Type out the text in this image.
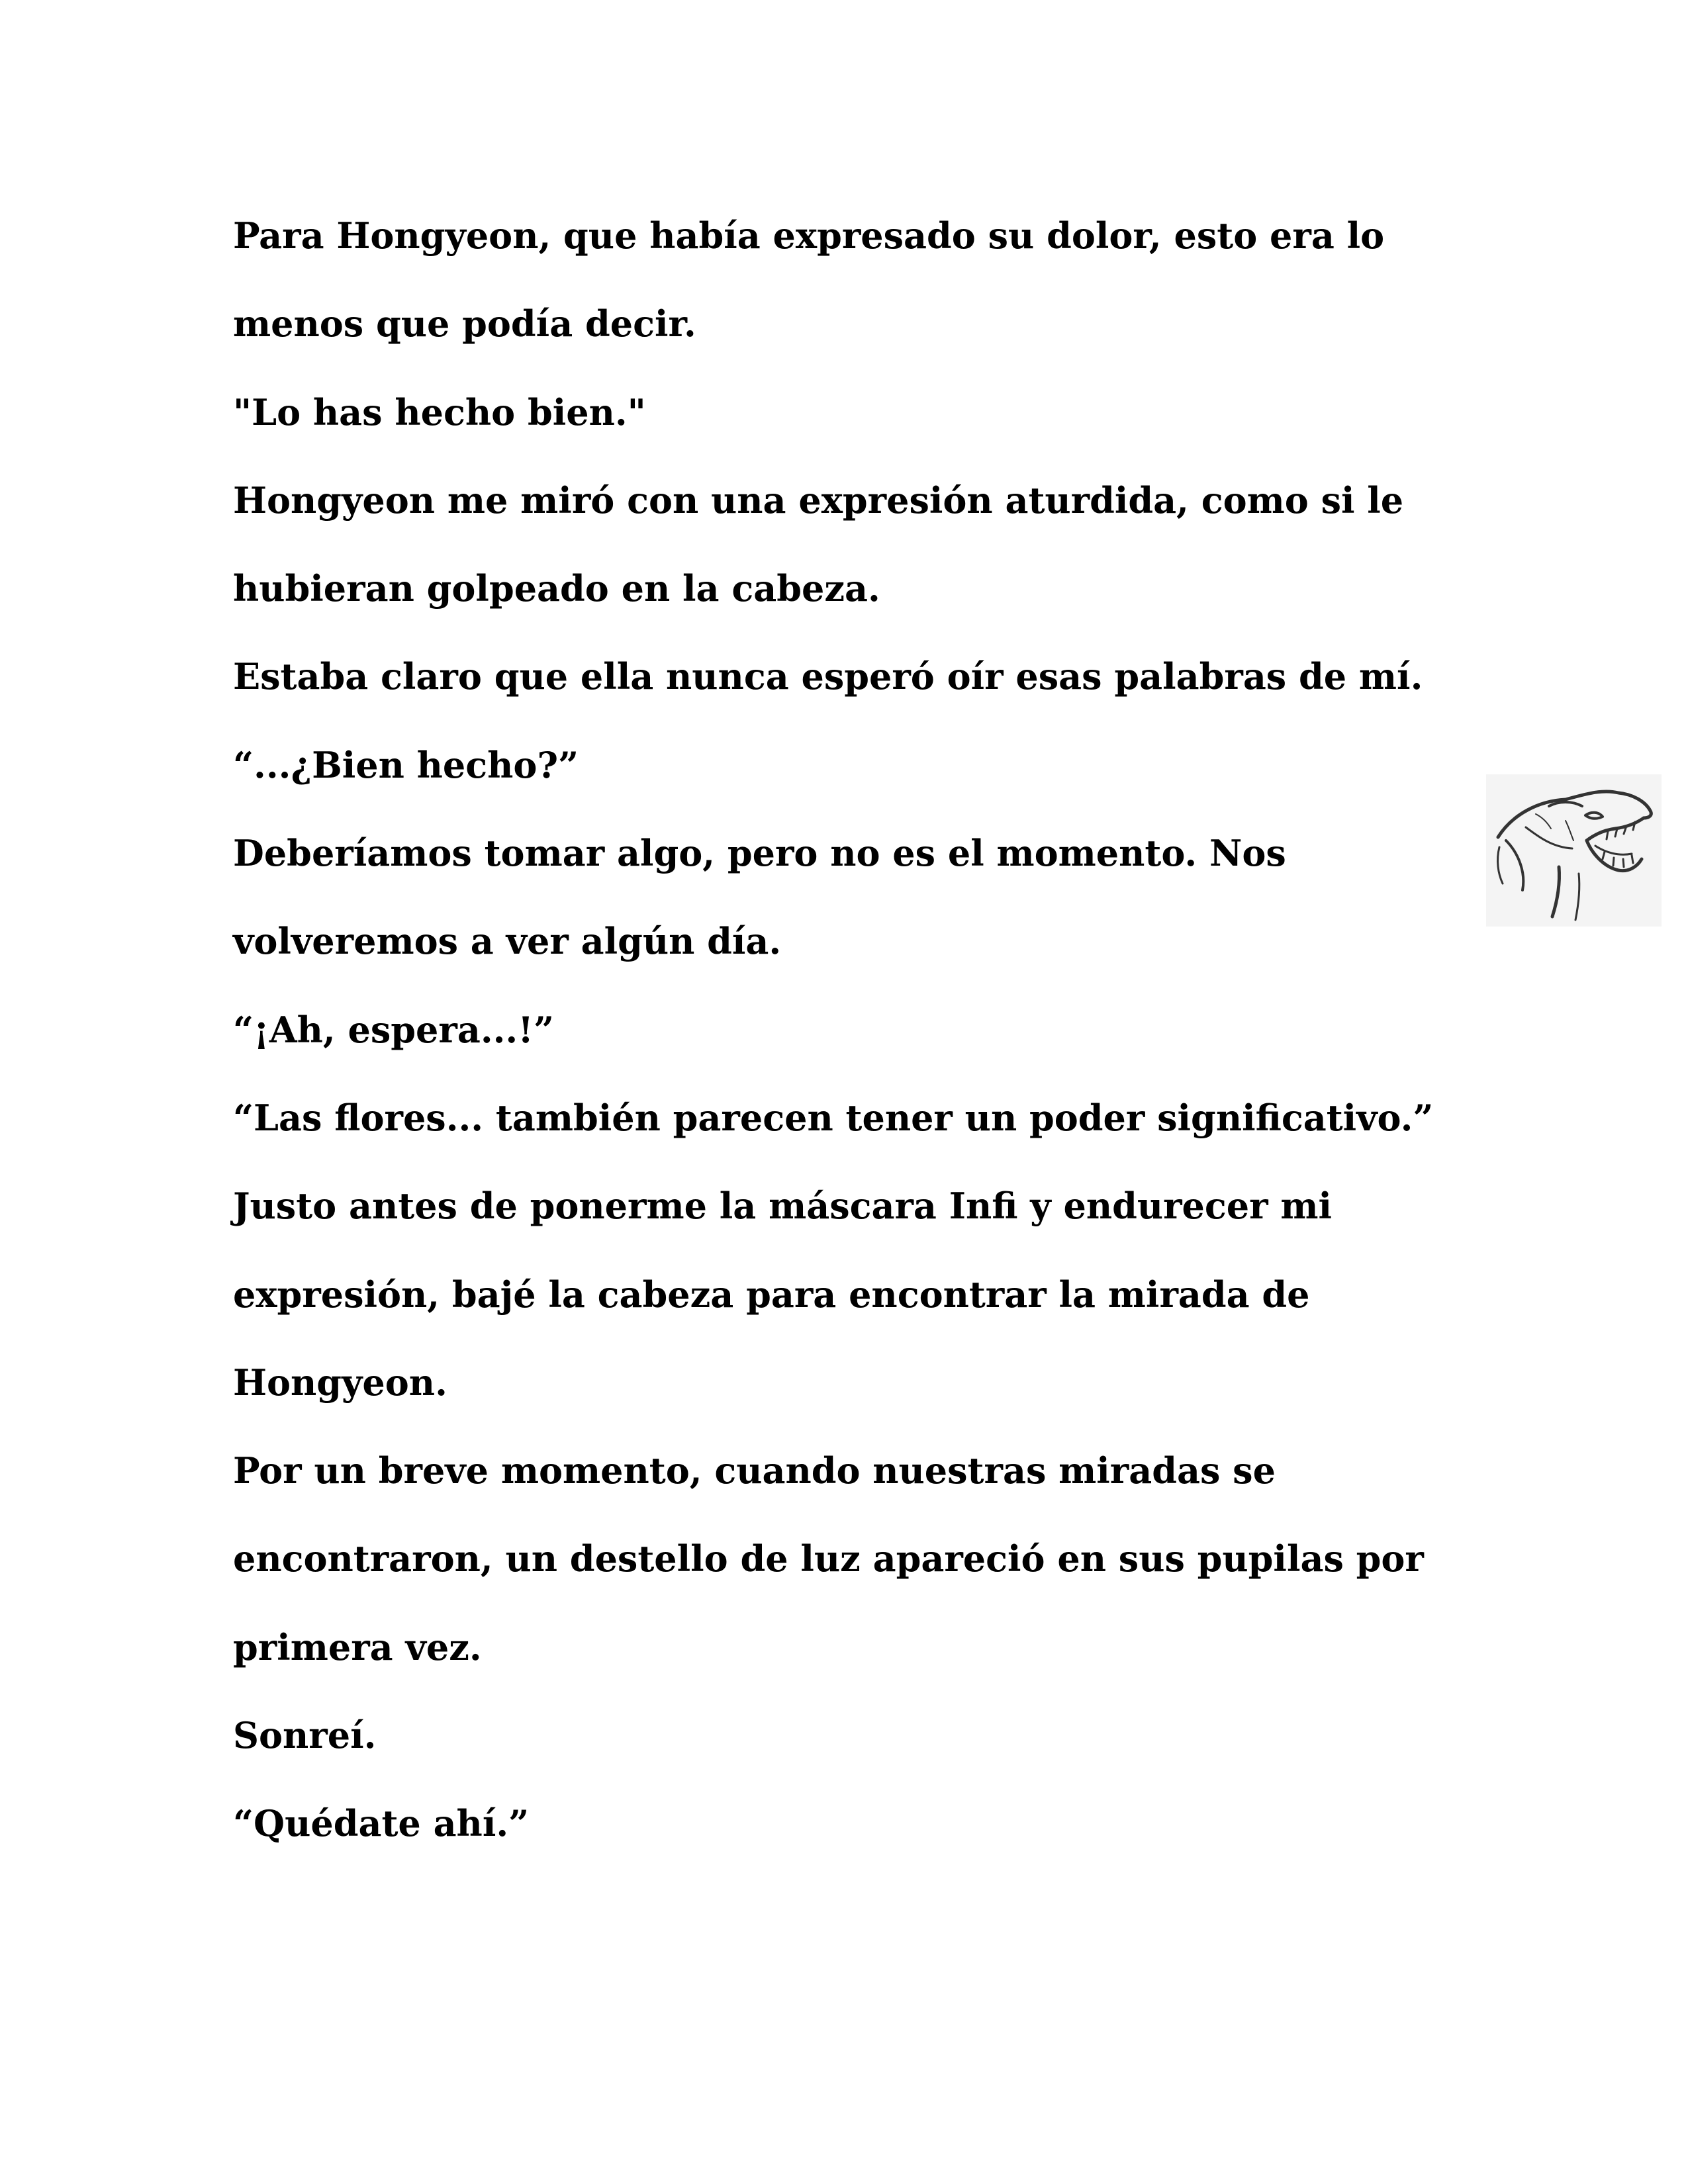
Para Hongyeon, que había expresado su dolor, esto era lo

menos que podía decir.

"Lo has hecho bien."

Hongyeon me miró con una expresión aturdida, como si le

hubieran golpeado en la cabeza.

Estaba claro que ella nunca esperó oír esas palabras de mí.

“...¿Bien hecho?”

Deberíamos tomar algo, pero no es el momento. Nos

volveremos a ver algún día.

“¡Ah, espera...!”

“Las flores... también parecen tener un poder significativo.”

Justo antes de ponerme la máscara Infi y endurecer mi

expresión, bajé la cabeza para encontrar la mirada de

Hongyeon.

Por un breve momento, cuando nuestras miradas se

encontraron, un destello de luz apareció en sus pupilas por

primera vez.

Sonreí.

“Quédate ahí.”
